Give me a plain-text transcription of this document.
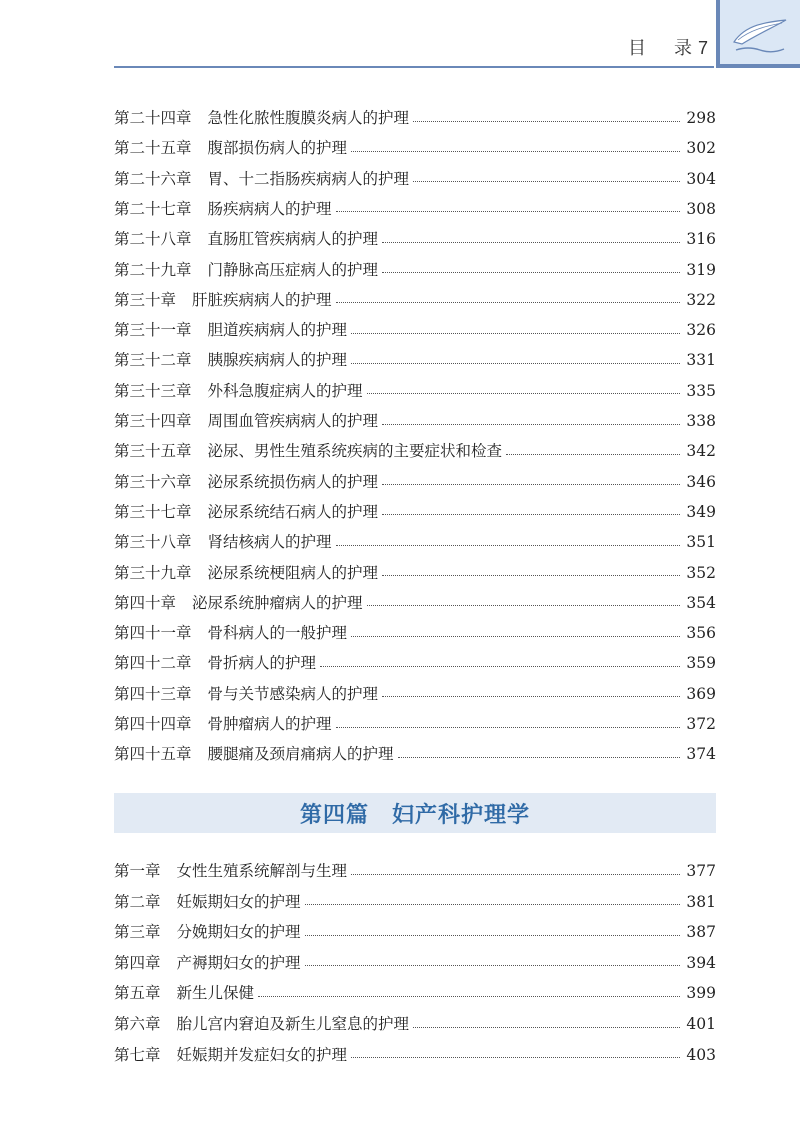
目 录 7
第二十四章	急性化脓性腹膜炎病人的护理	298
第二十五章	腹部损伤病人的护理	302
第二十六章	胃、十二指肠疾病病人的护理	304
第二十七章	肠疾病病人的护理	308
第二十八章	直肠肛管疾病病人的护理	316
第二十九章	门静脉高压症病人的护理	319
第三十章	肝脏疾病病人的护理	322
第三十一章	胆道疾病病人的护理	326
第三十二章	胰腺疾病病人的护理	331
第三十三章	外科急腹症病人的护理	335
第三十四章	周围血管疾病病人的护理	338
第三十五章	泌尿、男性生殖系统疾病的主要症状和检查	342
第三十六章	泌尿系统损伤病人的护理	346
第三十七章	泌尿系统结石病人的护理	349
第三十八章	肾结核病人的护理	351
第三十九章	泌尿系统梗阻病人的护理	352
第四十章	泌尿系统肿瘤病人的护理	354
第四十一章	骨科病人的一般护理	356
第四十二章	骨折病人的护理	359
第四十三章	骨与关节感染病人的护理	369
第四十四章	骨肿瘤病人的护理	372
第四十五章	腰腿痛及颈肩痛病人的护理	374
第四篇　妇产科护理学
第一章	女性生殖系统解剖与生理	377
第二章	妊娠期妇女的护理	381
第三章	分娩期妇女的护理	387
第四章	产褥期妇女的护理	394
第五章	新生儿保健	399
第六章	胎儿宫内窘迫及新生儿窒息的护理	401
第七章	妊娠期并发症妇女的护理	403
